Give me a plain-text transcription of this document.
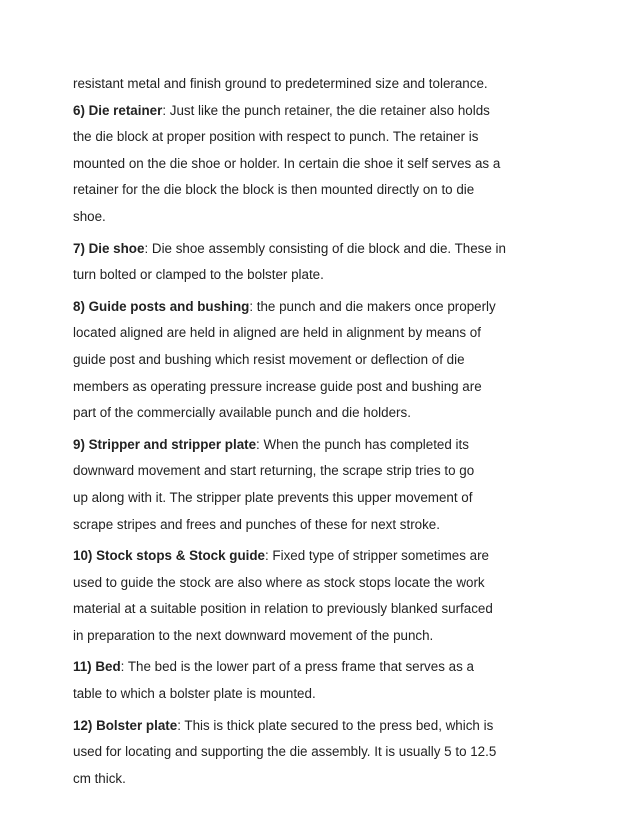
resistant metal and finish ground to predetermined size and tolerance.

6) Die retainer: Just like the punch retainer, the die retainer also holds
the die block at proper position with respect to punch. The retainer is
mounted on the die shoe or holder. In certain die shoe it self serves as a
retainer for the die block the block is then mounted directly on to die
shoe.

7) Die shoe: Die shoe assembly consisting of die block and die. These in
turn bolted or clamped to the bolster plate.

8) Guide posts and bushing: the punch and die makers once properly
located aligned are held in aligned are held in alignment by means of
guide post and bushing which resist movement or deflection of die
members as operating pressure increase guide post and bushing are
part of the commercially available punch and die holders.

9) Stripper and stripper plate: When the punch has completed its
downward movement and start returning, the scrape strip tries to go
up along with it. The stripper plate prevents this upper movement of
scrape stripes and frees and punches of these for next stroke.

10) Stock stops & Stock guide: Fixed type of stripper sometimes are
used to guide the stock are also where as stock stops locate the work
material at a suitable position in relation to previously blanked surfaced
in preparation to the next downward movement of the punch.

11) Bed: The bed is the lower part of a press frame that serves as a
table to which a bolster plate is mounted.

12) Bolster plate: This is thick plate secured to the press bed, which is
used for locating and supporting the die assembly. It is usually 5 to 12.5
cm thick.
